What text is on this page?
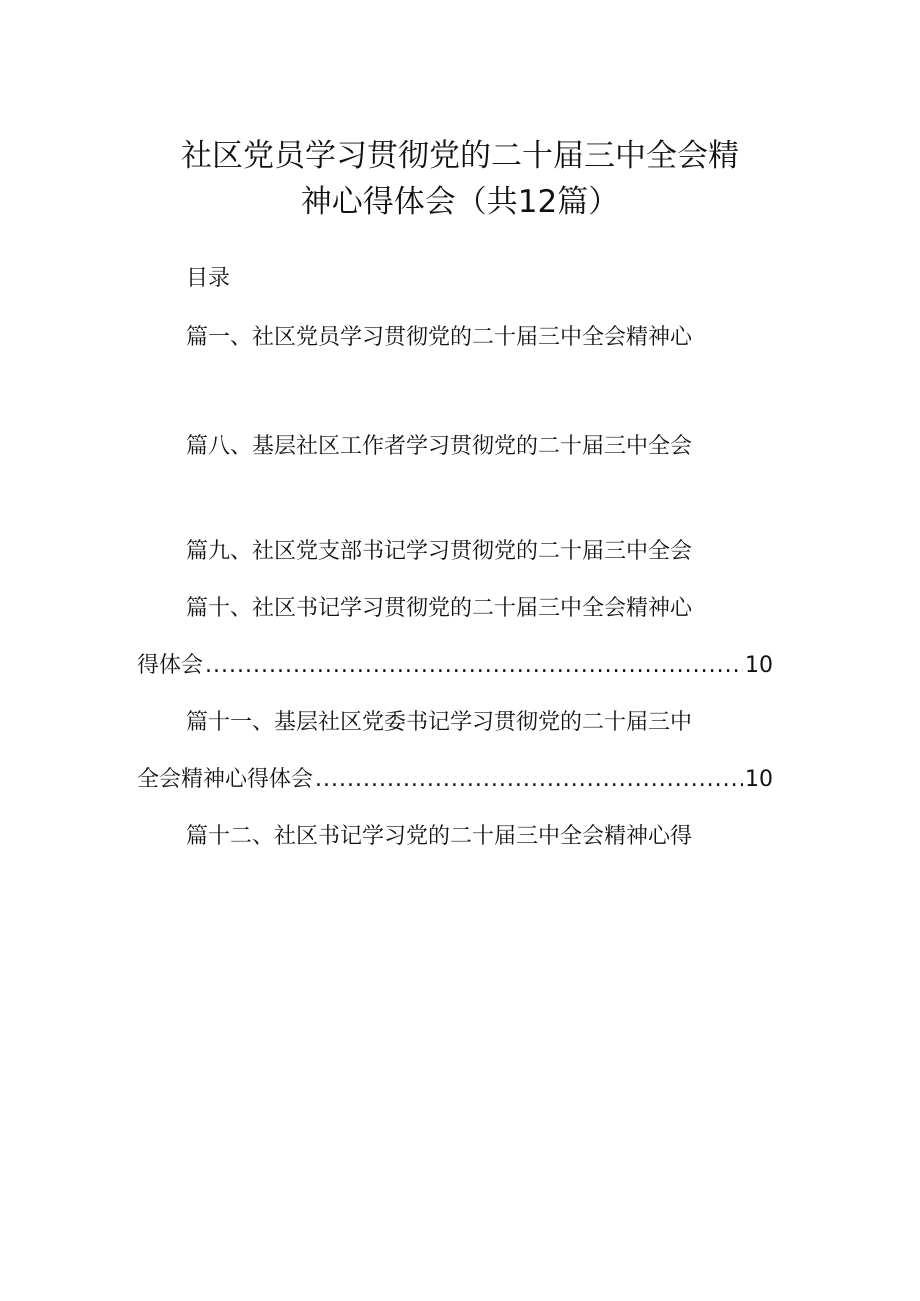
社区党员学习贯彻党的二十届三中全会精
神心得体会（共12篇）
目录
篇一、社区党员学习贯彻党的二十届三中全会精神心
篇八、基层社区工作者学习贯彻党的二十届三中全会
篇九、社区党支部书记学习贯彻党的二十届三中全会
篇十、社区书记学习贯彻党的二十届三中全会精神心
得体会 .....	10
篇十一、基层社区党委书记学习贯彻党的二十届三中
全会精神心得体会 .....	10
篇十二、社区书记学习党的二十届三中全会精神心得
